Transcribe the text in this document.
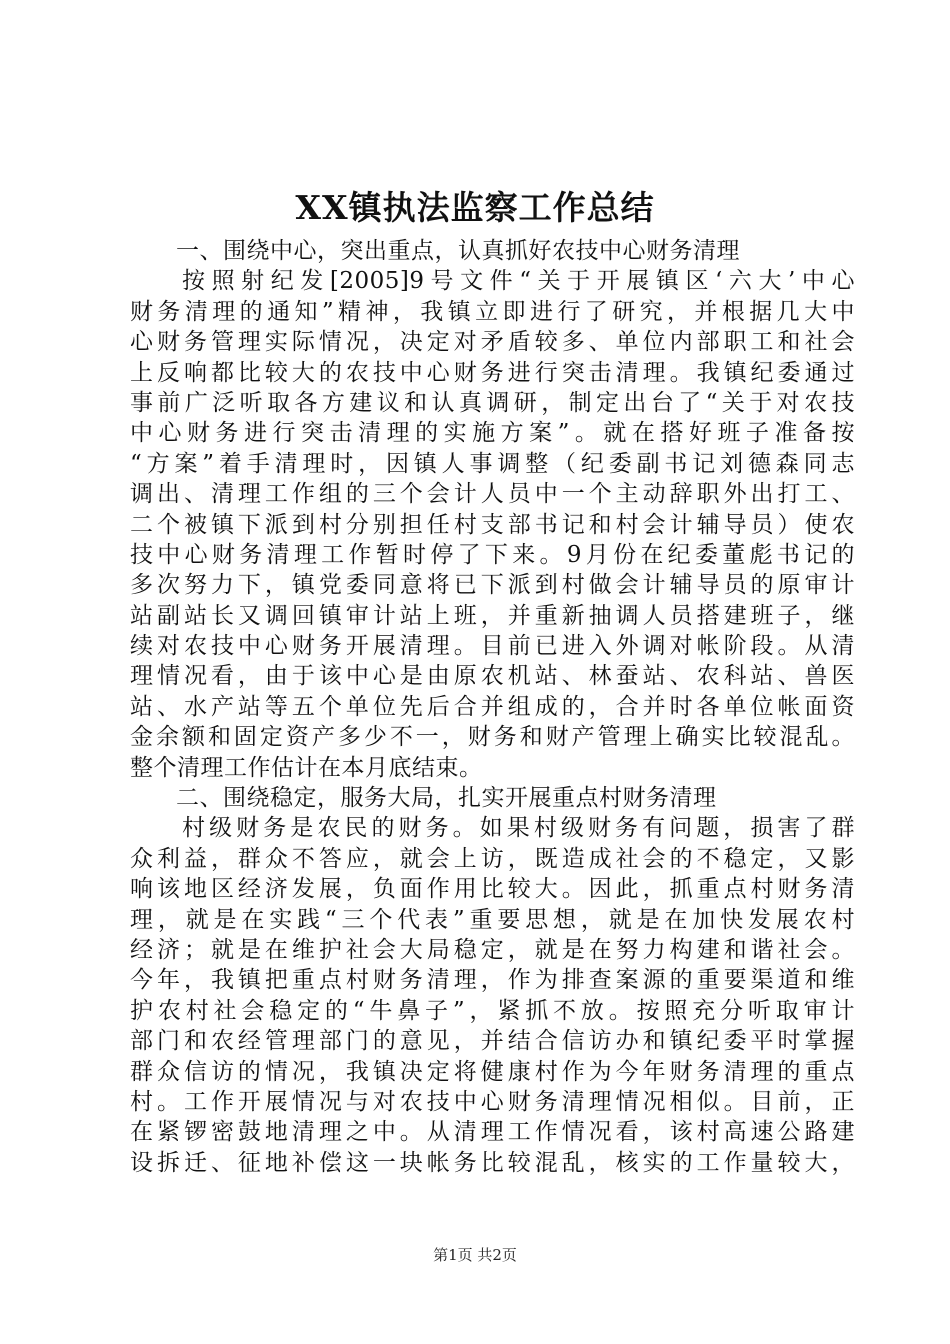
XX镇执法监察工作总结
一、围绕中心，突出重点，认真抓好农技中心财务清理
按照射纪发[2005]9号文件“关于开展镇区‘六大’中心
财务清理的通知”精神，我镇立即进行了研究，并根据几大中
心财务管理实际情况，决定对矛盾较多、单位内部职工和社会
上反响都比较大的农技中心财务进行突击清理。我镇纪委通过
事前广泛听取各方建议和认真调研，制定出台了“关于对农技
中心财务进行突击清理的实施方案”。就在搭好班子准备按
“方案”着手清理时，因镇人事调整（纪委副书记刘德森同志
调出、清理工作组的三个会计人员中一个主动辞职外出打工、
二个被镇下派到村分别担任村支部书记和村会计辅导员）使农
技中心财务清理工作暂时停了下来。9月份在纪委董彪书记的
多次努力下，镇党委同意将已下派到村做会计辅导员的原审计
站副站长又调回镇审计站上班，并重新抽调人员搭建班子，继
续对农技中心财务开展清理。目前已进入外调对帐阶段。从清
理情况看，由于该中心是由原农机站、林蚕站、农科站、兽医
站、水产站等五个单位先后合并组成的，合并时各单位帐面资
金余额和固定资产多少不一，财务和财产管理上确实比较混乱。
整个清理工作估计在本月底结束。
二、围绕稳定，服务大局，扎实开展重点村财务清理
村级财务是农民的财务。如果村级财务有问题，损害了群
众利益，群众不答应，就会上访，既造成社会的不稳定，又影
响该地区经济发展，负面作用比较大。因此，抓重点村财务清
理，就是在实践“三个代表”重要思想，就是在加快发展农村
经济；就是在维护社会大局稳定，就是在努力构建和谐社会。
今年，我镇把重点村财务清理，作为排查案源的重要渠道和维
护农村社会稳定的“牛鼻子”，紧抓不放。按照充分听取审计
部门和农经管理部门的意见，并结合信访办和镇纪委平时掌握
群众信访的情况，我镇决定将健康村作为今年财务清理的重点
村。工作开展情况与对农技中心财务清理情况相似。目前，正
在紧锣密鼓地清理之中。从清理工作情况看，该村高速公路建
设拆迁、征地补偿这一块帐务比较混乱，核实的工作量较大，
第1页 共2页
